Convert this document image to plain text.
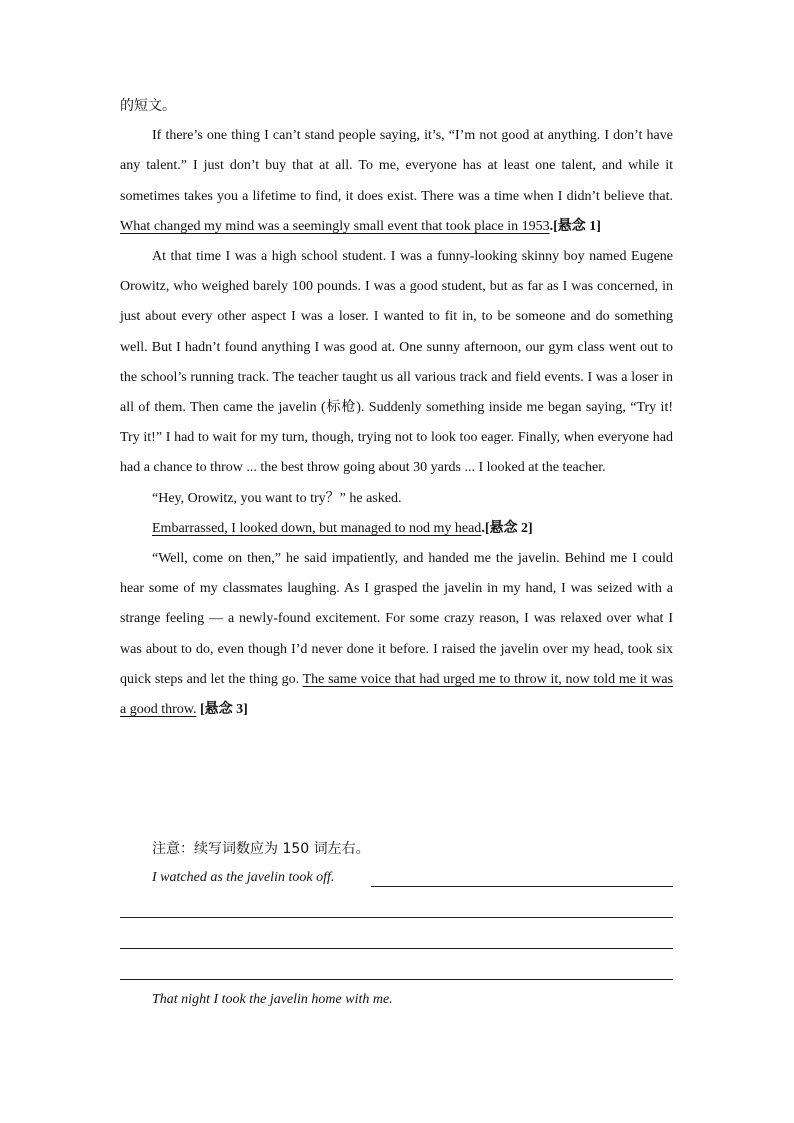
的短文。

If there’s one thing I can’t stand people saying, it’s, “I’m not good at anything. I don’t have any talent.” I just don’t buy that at all. To me, everyone has at least one talent, and while it sometimes takes you a lifetime to find, it does exist. There was a time when I didn’t believe that. What changed my mind was a seemingly small event that took place in 1953.[悬念 1]

At that time I was a high school student. I was a funny-looking skinny boy named Eugene Orowitz, who weighed barely 100 pounds. I was a good student, but as far as I was concerned, in just about every other aspect I was a loser. I wanted to fit in, to be someone and do something well. But I hadn’t found anything I was good at. One sunny afternoon, our gym class went out to the school’s running track. The teacher taught us all various track and field events. I was a loser in all of them. Then came the javelin (标枪). Suddenly something inside me began saying, “Try it! Try it!” I had to wait for my turn, though, trying not to look too eager. Finally, when everyone had had a chance to throw ... the best throw going about 30 yards ... I looked at the teacher.

“Hey, Orowitz, you want to try？” he asked.

Embarrassed, I looked down, but managed to nod my head.[悬念 2]

“Well, come on then,” he said impatiently, and handed me the javelin. Behind me I could hear some of my classmates laughing. As I grasped the javelin in my hand, I was seized with a strange feeling — a newly-found excitement. For some crazy reason, I was relaxed over what I was about to do, even though I’d never done it before. I raised the javelin over my head, took six quick steps and let the thing go. The same voice that had urged me to throw it, now told me it was a good throw. [悬念 3]

注意：续写词数应为 150 词左右。
I watched as the javelin took off.
That night I took the javelin home with me.
